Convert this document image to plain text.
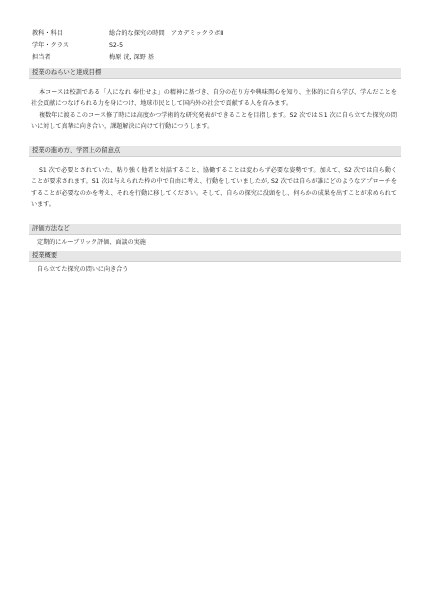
教科・科目	総合的な探究の時間　アカデミックラボⅡ
学年・クラス	S2-5
担当者	梅原 洸, 深野 基
授業のねらいと達成目標

本コースは校訓である「人になれ 奉仕せよ」の精神に基づき、自分の在り方や興味関心を知り、主体的に自ら学び、学んだことを社会貢献につなげられる力を身につけ、地球市民として国内外の社会で貢献する人を育みます。

複数年に渡るこのコース修了時には高度かつ学術的な研究発表ができることを目指します。S2 次ではＳ1 次に自ら立てた探究の問いに対して真摯に向き合い，課題解決に向けて行動につうします。

授業の進め方、学習上の留意点

S1 次で必要とされていた、粘り強く他者と対話すること、協働することは変わらず必要な姿勢です。加えて、S2 次では自ら動くことが要求されます。S1 次は与えられた枠の中で自由に考え、行動をしていましたが, S2 次では自らが誰にどのようなアプローチをすることが必要なのかを考え、それを行動に移してください。そして、自らの探究に没頭をし、何らかの成果を出すことが求められています。

評価方法など

定期的にルーブリック評価、面談の実施

授業概要

自ら立てた探究の問いに向き合う
